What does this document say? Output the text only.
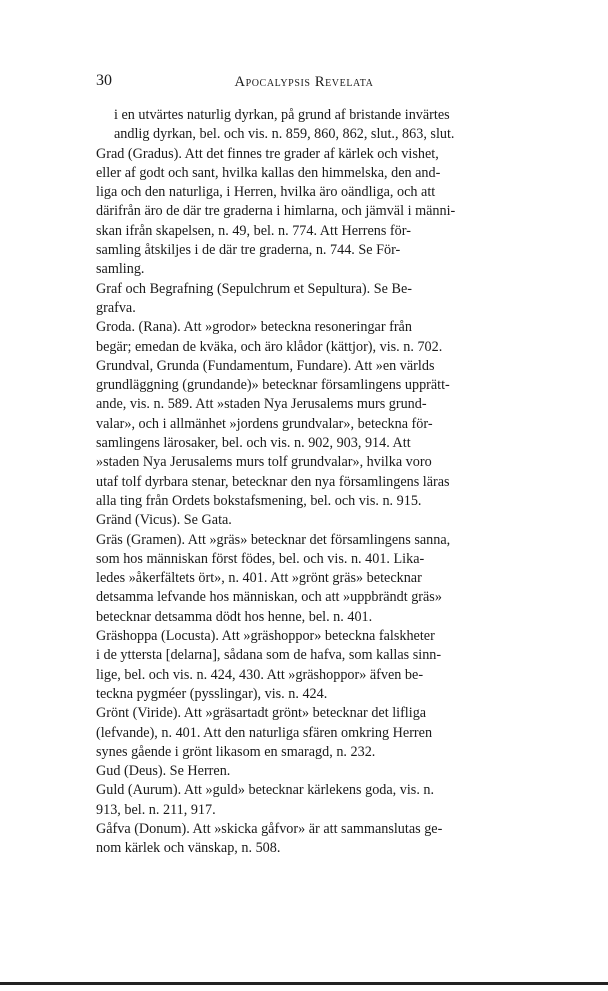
30	Apocalypsis Revelata

i en utvärtes naturlig dyrkan, på grund af bristande invärtes
andlig dyrkan, bel. och vis. n. 859, 860, 862, slut., 863, slut.

Grad (Gradus). Att det finnes tre grader af kärlek och vishet,
eller af godt och sant, hvilka kallas den himmelska, den and-
liga och den naturliga, i Herren, hvilka äro oändliga, och att
därifrån äro de där tre graderna i himlarna, och jämväl i männi-
skan ifrån skapelsen, n. 49, bel. n. 774. Att Herrens för-
samling åtskiljes i de där tre graderna, n. 744. Se För-
samling.

Graf och Begrafning (Sepulchrum et Sepultura). Se Be-
grafva.

Groda. (Rana). Att »grodor» beteckna resoneringar från
begär; emedan de kväka, och äro klådor (kättjor), vis. n. 702.

Grundval, Grunda (Fundamentum, Fundare). Att »en världs
grundläggning (grundande)» betecknar församlingens upprätt-
ande, vis. n. 589. Att »staden Nya Jerusalems murs grund-
valar», och i allmänhet »jordens grundvalar», beteckna för-
samlingens lärosaker, bel. och vis. n. 902, 903, 914. Att
»staden Nya Jerusalems murs tolf grundvalar», hvilka voro
utaf tolf dyrbara stenar, betecknar den nya församlingens läras
alla ting från Ordets bokstafsmening, bel. och vis. n. 915.

Gränd (Vicus). Se Gata.

Gräs (Gramen). Att »gräs» betecknar det församlingens sanna,
som hos människan först födes, bel. och vis. n. 401. Lika-
ledes »åkerfältets ört», n. 401. Att »grönt gräs» betecknar
detsamma lefvande hos människan, och att »uppbrändt gräs»
betecknar detsamma dödt hos henne, bel. n. 401.

Gräshoppa (Locusta). Att »gräshoppor» beteckna falskheter
i de yttersta [delarna], sådana som de hafva, som kallas sinn-
lige, bel. och vis. n. 424, 430. Att »gräshoppor» äfven be-
teckna pygméer (pysslingar), vis. n. 424.

Grönt (Viride). Att »gräsartadt grönt» betecknar det lifliga
(lefvande), n. 401. Att den naturliga sfären omkring Herren
synes gående i grönt likasom en smaragd, n. 232.

Gud (Deus). Se Herren.

Guld (Aurum). Att »guld» betecknar kärlekens goda, vis. n.
913, bel. n. 211, 917.

Gåfva (Donum). Att »skicka gåfvor» är att sammanslutas ge-
nom kärlek och vänskap, n. 508.
